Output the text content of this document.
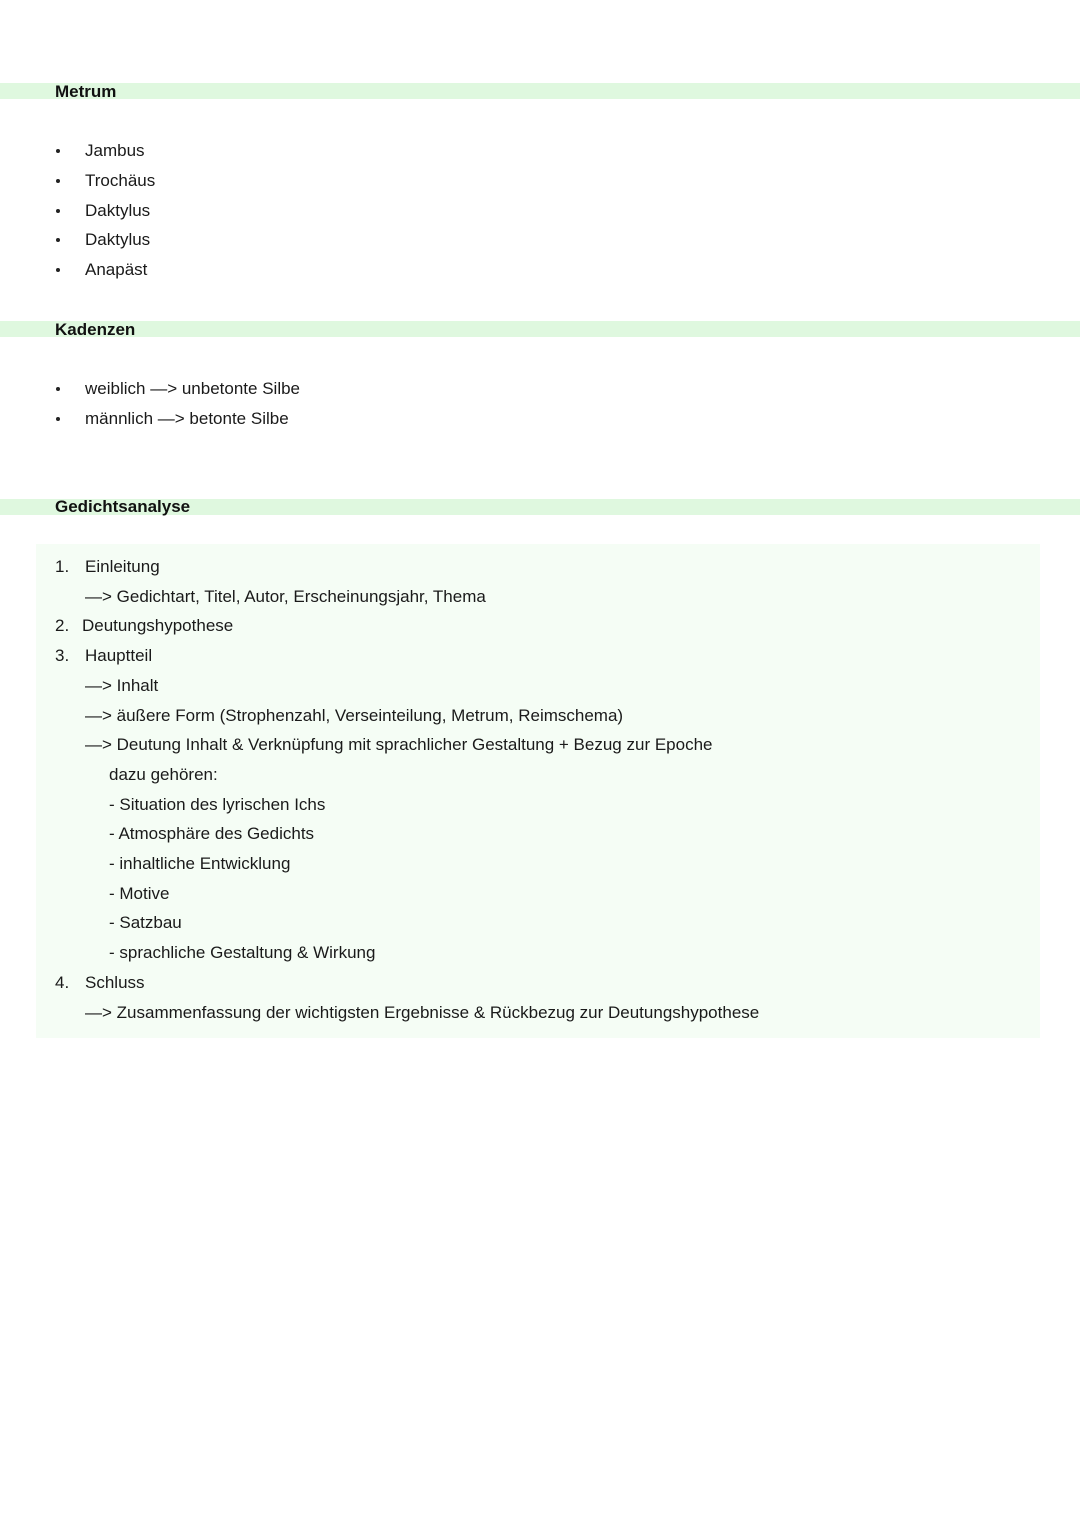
Metrum
Jambus
Trochäus
Daktylus
Daktylus
Anapäst
Kadenzen
weiblich —> unbetonte Silbe
männlich —> betonte Silbe
Gedichtsanalyse
1. Einleitung
—> Gedichtart, Titel, Autor, Erscheinungsjahr, Thema
2. Deutungshypothese
3. Hauptteil
—> Inhalt
—> äußere Form (Strophenzahl, Verseinteilung, Metrum, Reimschema)
—> Deutung Inhalt & Verknüpfung mit sprachlicher Gestaltung + Bezug zur Epoche
dazu gehören:
- Situation des lyrischen Ichs
- Atmosphäre des Gedichts
- inhaltliche Entwicklung
- Motive
- Satzbau
- sprachliche Gestaltung & Wirkung
4. Schluss
—> Zusammenfassung der wichtigsten Ergebnisse & Rückbezug zur Deutungshypothese
